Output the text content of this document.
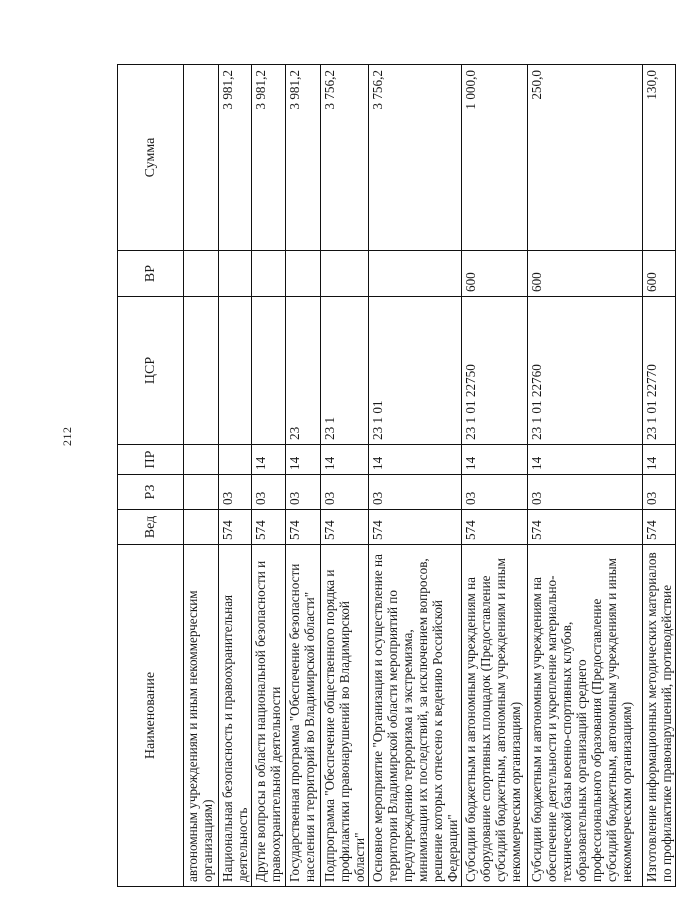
212
Наименование	Вед	РЗ	ПР	ЦСР	ВР	Сумма
автономным учреждениям и иным некоммерческим организациям)						
Национальная безопасность и правоохранительная деятельность	574	03				3 981,2
Другие вопросы в области национальной безопасности и правоохранительной деятельности	574	03	14			3 981,2
Государственная программа "Обеспечение безопасности населения и территорий во Владимирской области"	574	03	14	23		3 981,2
Подпрограмма "Обеспечение общественного порядка и профилактики правонарушений во Владимирской области"	574	03	14	23 1		3 756,2
Основное мероприятие "Организация и осуществление на территории Владимирской области мероприятий по предупреждению терроризма и экстремизма, минимизации их последствий, за исключением вопросов, решение которых отнесено к ведению Российской Федерации"	574	03	14	23 1 01		3 756,2
Субсидии бюджетным и автономным учреждениям на оборудование спортивных площадок (Предоставление субсидий бюджетным, автономным учреждениям и иным некоммерческим организациям)	574	03	14	23 1 01 22750	600	1 000,0
Субсидии бюджетным и автономным учреждениям на обеспечение деятельности и укрепление материально-технической базы военно-спортивных клубов, образовательных организаций среднего профессионального образования (Предоставление субсидий бюджетным, автономным учреждениям и иным некоммерческим организациям)	574	03	14	23 1 01 22760	600	250,0
Изготовление информационных методических материалов по профилактике правонарушений, противодействие	574	03	14	23 1 01 22770	600	130,0
